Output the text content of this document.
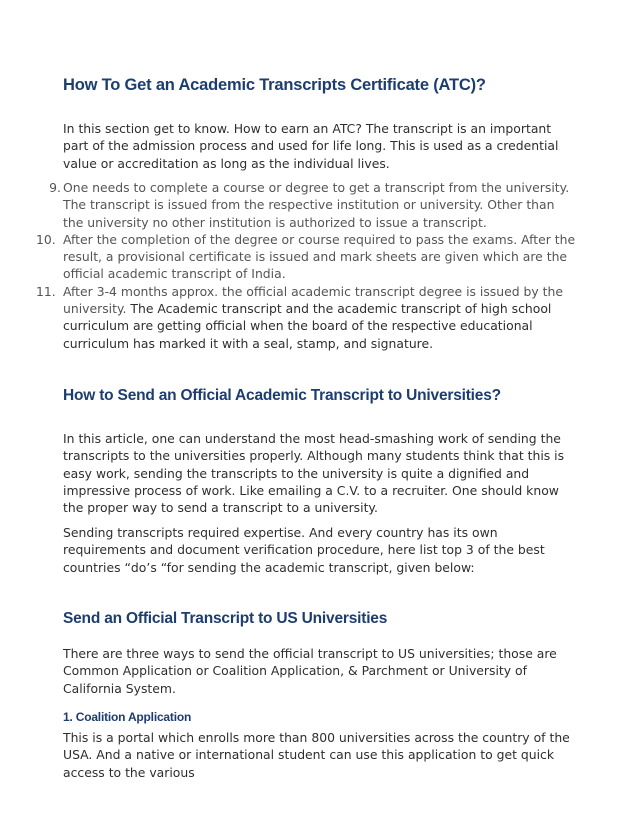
How To Get an Academic Transcripts Certificate (ATC)?

In this section get to know. How to earn an ATC? The transcript is an important part of the admission process and used for life long. This is used as a credential value or accreditation as long as the individual lives.

9. One needs to complete a course or degree to get a transcript from the university. The transcript is issued from the respective institution or university. Other than the university no other institution is authorized to issue a transcript.
10. After the completion of the degree or course required to pass the exams. After the result, a provisional certificate is issued and mark sheets are given which are the official academic transcript of India.
11. After 3-4 months approx. the official academic transcript degree is issued by the university. The Academic transcript and the academic transcript of high school curriculum are getting official when the board of the respective educational curriculum has marked it with a seal, stamp, and signature.
How to Send an Official Academic Transcript to Universities?

In this article, one can understand the most head-smashing work of sending the transcripts to the universities properly. Although many students think that this is easy work, sending the transcripts to the university is quite a dignified and impressive process of work. Like emailing a C.V. to a recruiter. One should know the proper way to send a transcript to a university.

Sending transcripts required expertise. And every country has its own requirements and document verification procedure, here list top 3 of the best countries “do’s “for sending the academic transcript, given below:

Send an Official Transcript to US Universities

There are three ways to send the official transcript to US universities; those are Common Application or Coalition Application, & Parchment or University of California System.

1. Coalition Application

This is a portal which enrolls more than 800 universities across the country of the USA. And a native or international student can use this application to get quick access to the various
